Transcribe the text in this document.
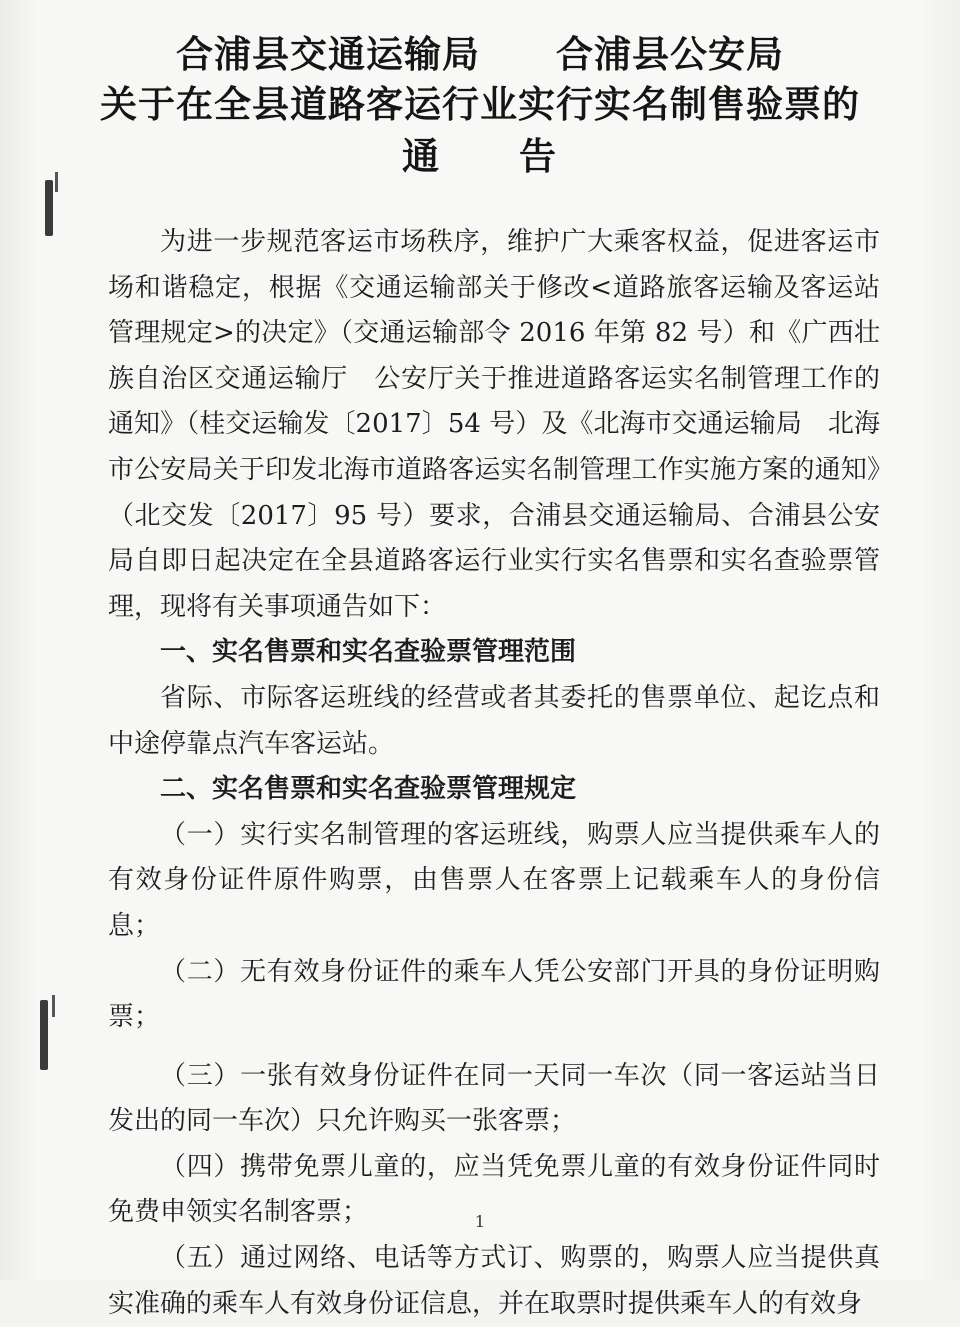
合浦县交通运输局　　合浦县公安局
关于在全县道路客运行业实行实名制售验票的
通　　告

为进一步规范客运市场秩序，维护广大乘客权益，促进客运市场和谐稳定，根据《交通运输部关于修改<道路旅客运输及客运站管理规定>的决定》（交通运输部令 2016 年第 82 号）和《广西壮族自治区交通运输厅　公安厅关于推进道路客运实名制管理工作的通知》（桂交运输发〔2017〕54 号）及《北海市交通运输局　北海市公安局关于印发北海市道路客运实名制管理工作实施方案的通知》（北交发〔2017〕95 号）要求，合浦县交通运输局、合浦县公安局自即日起决定在全县道路客运行业实行实名售票和实名查验票管理，现将有关事项通告如下：

一、实名售票和实名查验票管理范围

省际、市际客运班线的经营或者其委托的售票单位、起讫点和中途停靠点汽车客运站。

二、实名售票和实名查验票管理规定

（一）实行实名制管理的客运班线，购票人应当提供乘车人的有效身份证件原件购票，由售票人在客票上记载乘车人的身份信息；

（二）无有效身份证件的乘车人凭公安部门开具的身份证明购票；

（三）一张有效身份证件在同一天同一车次（同一客运站当日发出的同一车次）只允许购买一张客票；

（四）携带免票儿童的，应当凭免票儿童的有效身份证件同时免费申领实名制客票；

（五）通过网络、电话等方式订、购票的，购票人应当提供真实准确的乘车人有效身份证信息，并在取票时提供乘车人的有效身

1
